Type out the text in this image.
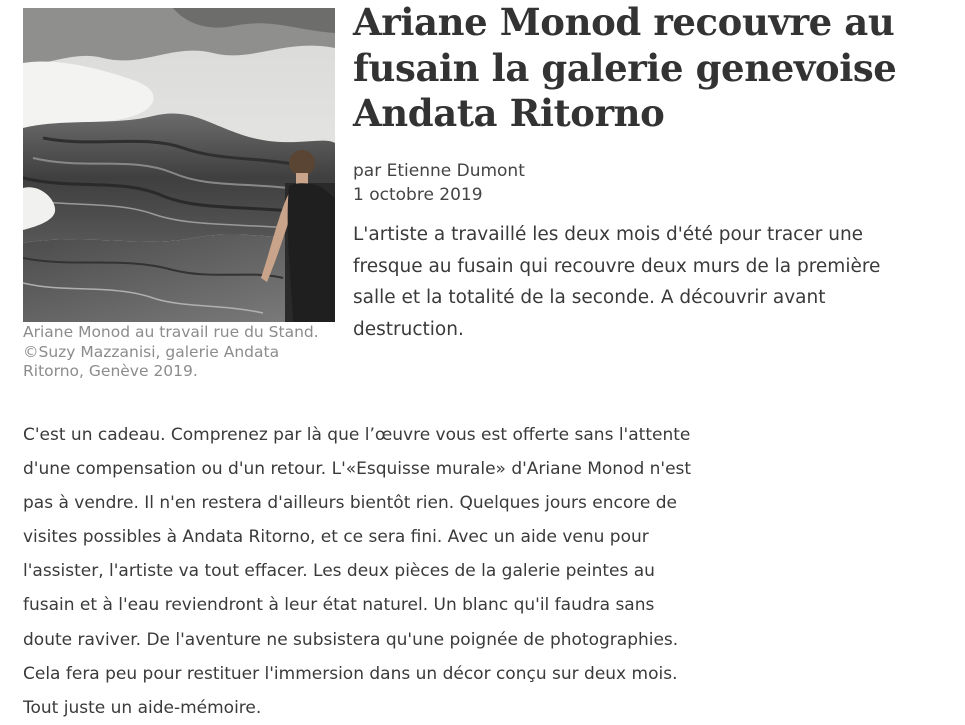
Ariane Monod au travail rue du Stand.
©Suzy Mazzanisi, galerie Andata
Ritorno, Genève 2019.
Ariane Monod recouvre au
fusain la galerie genevoise
Andata Ritorno
par Etienne Dumont
1 octobre 2019
L'artiste a travaillé les deux mois d'été pour tracer une
fresque au fusain qui recouvre deux murs de la première
salle et la totalité de la seconde. A découvrir avant
destruction.
C'est un cadeau. Comprenez par là que l’œuvre vous est offerte sans l'attente
d'une compensation ou d'un retour. L'«Esquisse murale» d'Ariane Monod n'est
pas à vendre. Il n'en restera d'ailleurs bientôt rien. Quelques jours encore de
visites possibles à Andata Ritorno, et ce sera fini. Avec un aide venu pour
l'assister, l'artiste va tout effacer. Les deux pièces de la galerie peintes au
fusain et à l'eau reviendront à leur état naturel. Un blanc qu'il faudra sans
doute raviver. De l'aventure ne subsistera qu'une poignée de photographies.
Cela fera peu pour restituer l'immersion dans un décor conçu sur deux mois.
Tout juste un aide-mémoire.
